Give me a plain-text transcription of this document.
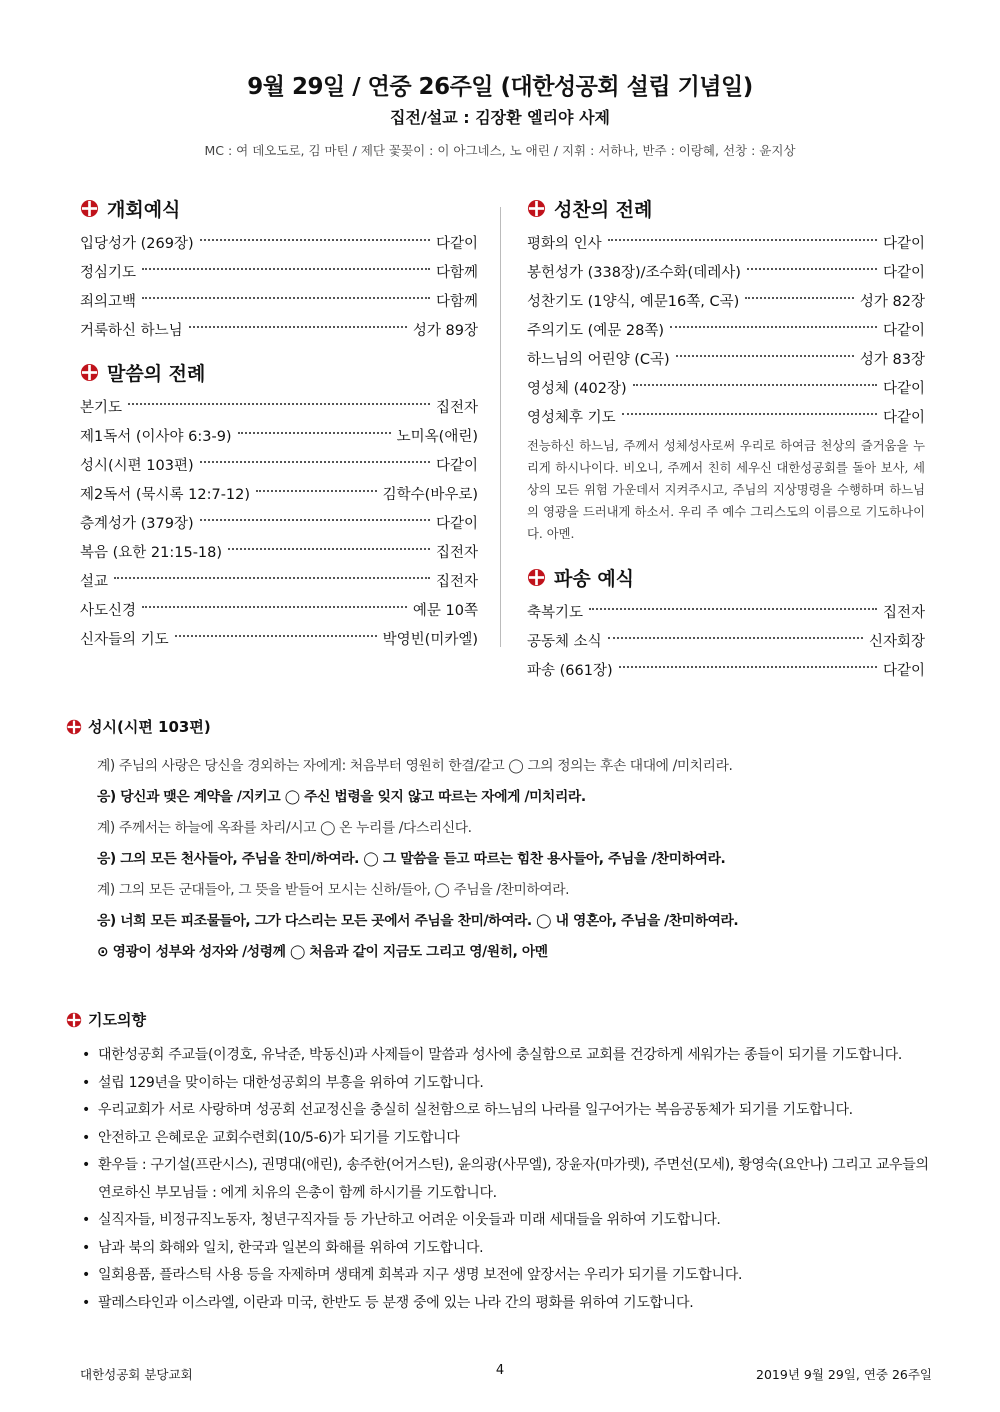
9월 29일 / 연중 26주일 (대한성공회 설립 기념일)
집전/설교 : 김장환 엘리야 사제
MC : 여 데오도로, 김 마틴 / 제단 꽃꽂이 : 이 아그네스, 노 애린 / 지휘 : 서하나, 반주 : 이랑혜, 선창 : 윤지상
개회예식
입당성가 (269장)	다같이
정심기도	다함께
죄의고백	다함께
거룩하신 하느님	성가 89장
말씀의 전례
본기도	집전자
제1독서 (이사야 6:3-9)	노미옥(애린)
성시(시편 103편)	다같이
제2독서 (묵시록 12:7-12)	김학수(바우로)
층계성가 (379장)	다같이
복음 (요한 21:15-18)	집전자
설교	집전자
사도신경	예문 10쪽
신자들의 기도	박영빈(미카엘)
성찬의 전례
평화의 인사	다같이
봉헌성가 (338장)/조수화(데레사)	다같이
성찬기도 (1양식, 예문16쪽, C곡)	성가 82장
주의기도 (예문 28쪽)	다같이
하느님의 어린양 (C곡)	성가 83장
영성체 (402장)	다같이
영성체후 기도	다같이
전능하신 하느님, 주께서 성체성사로써 우리로 하여금 천상의 즐거움을 누리게 하시나이다. 비오니, 주께서 친히 세우신 대한성공회를 돌아 보사, 세상의 모든 위험 가운데서 지켜주시고, 주님의 지상명령을 수행하며 하느님의 영광을 드러내게 하소서. 우리 주 예수 그리스도의 이름으로 기도하나이다. 아멘.
파송 예식
축복기도	집전자
공동체 소식	신자회장
파송 (661장)	다같이
성시(시편 103편)
계) 주님의 사랑은 당신을 경외하는 자에게: 처음부터 영원히 한결/같고 ◯ 그의 정의는 후손 대대에 /미치리라.
응) 당신과 맺은 계약을 /지키고 ◯ 주신 법령을 잊지 않고 따르는 자에게 /미치리라.
계) 주께서는 하늘에 옥좌를 차리/시고 ◯ 온 누리를 /다스리신다.
응) 그의 모든 천사들아, 주님을 찬미/하여라. ◯ 그 말씀을 듣고 따르는 힘찬 용사들아, 주님을 /찬미하여라.
계) 그의 모든 군대들아, 그 뜻을 받들어 모시는 신하/들아, ◯ 주님을 /찬미하여라.
응) 너희 모든 피조물들아, 그가 다스리는 모든 곳에서 주님을 찬미/하여라. ◯ 내 영혼아, 주님을 /찬미하여라.
⊙ 영광이 성부와 성자와 /성령께 ◯ 처음과 같이 지금도 그리고 영/원히, 아멘
기도의향
• 대한성공회 주교들(이경호, 유낙준, 박동신)과 사제들이 말씀과 성사에 충실함으로 교회를 건강하게 세워가는 종들이 되기를 기도합니다.
• 설립 129년을 맞이하는 대한성공회의 부흥을 위하여 기도합니다.
• 우리교회가 서로 사랑하며 성공회 선교정신을 충실히 실천함으로 하느님의 나라를 일구어가는 복음공동체가 되기를 기도합니다.
• 안전하고 은혜로운 교회수련회(10/5-6)가 되기를 기도합니다
• 환우들 : 구기설(프란시스), 권명대(애린), 송주한(어거스틴), 윤의광(사무엘), 장윤자(마가렛), 주면선(모세), 황영숙(요안나) 그리고 교우들의 연로하신 부모님들 : 에게 치유의 은총이 함께 하시기를 기도합니다.
• 실직자들, 비정규직노동자, 청년구직자들 등 가난하고 어려운 이웃들과 미래 세대들을 위하여 기도합니다.
• 남과 북의 화해와 일치, 한국과 일본의 화해를 위하여 기도합니다.
• 일회용품, 플라스틱 사용 등을 자제하며 생태계 회복과 지구 생명 보전에 앞장서는 우리가 되기를 기도합니다.
• 팔레스타인과 이스라엘, 이란과 미국, 한반도 등 분쟁 중에 있는 나라 간의 평화를 위하여 기도합니다.
대한성공회 분당교회	4	2019년 9월 29일, 연중 26주일
